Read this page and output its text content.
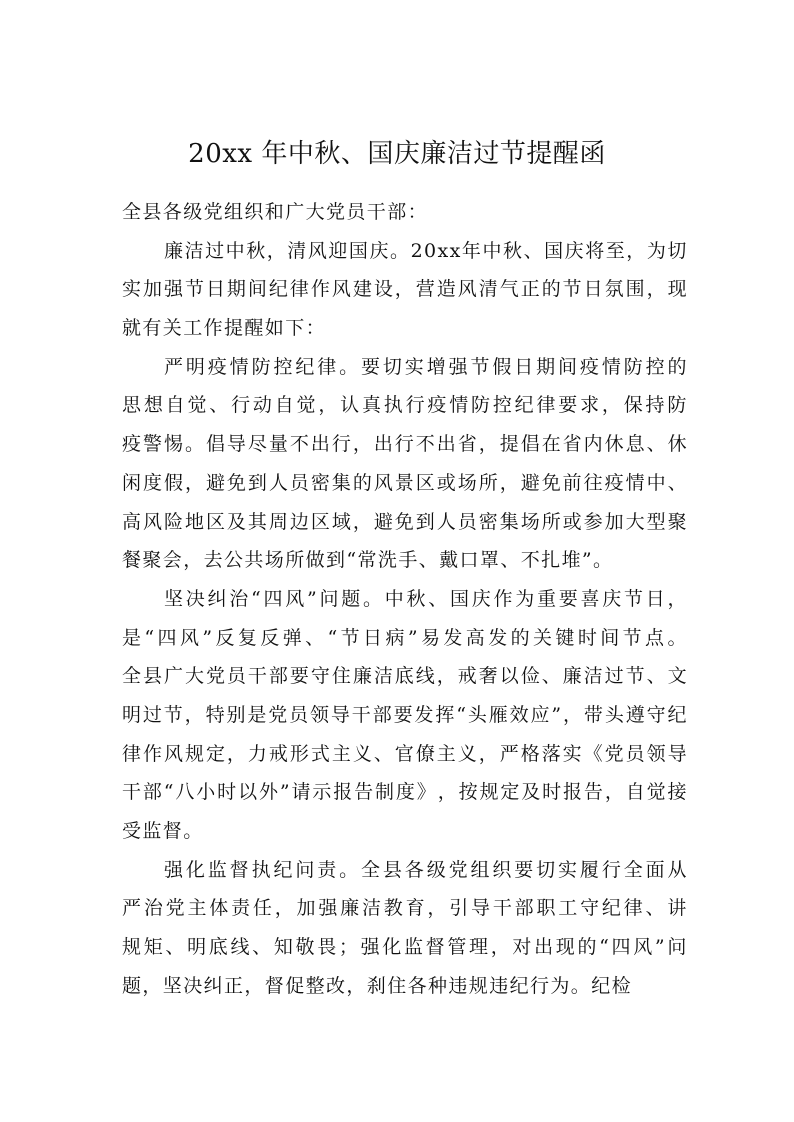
20xx 年中秋、国庆廉洁过节提醒函
全县各级党组织和广大党员干部：
廉 洁 过 中 秋 ， 清 风 迎 国 庆 。 20xx 年 中 秋 、 国 庆 将 至 ， 为 切
实 加 强 节 日 期 间 纪 律 作 风 建 设 ， 营 造 风 清 气 正 的 节 日 氛 围 ， 现
就有关工作提醒如下：
严 明 疫 情 防 控 纪 律 。 要 切 实 增 强 节 假 日 期 间 疫 情 防 控 的
思 想 自 觉 、 行 动 自 觉 ， 认 真 执 行 疫 情 防 控 纪 律 要 求 ， 保 持 防
疫 警 惕 。 倡 导 尽 量 不 出 行 ， 出 行 不 出 省 ， 提 倡 在 省 内 休 息 、 休
闲 度 假 ， 避 免 到 人 员 密 集 的 风 景 区 或 场 所 ， 避 免 前 往 疫 情 中 、
高 风 险 地 区 及 其 周 边 区 域 ， 避 免 到 人 员 密 集 场 所 或 参 加 大 型 聚
餐聚会，去公共场所做到“常洗手、戴口罩、不扎堆”。
坚 决 纠 治 “ 四 风 ” 问 题 。 中 秋 、 国 庆 作 为 重 要 喜 庆 节 日 ，
是 “ 四 风 ” 反 复 反 弹 、 “ 节 日 病 ” 易 发 高 发 的 关 键 时 间 节 点 。
全 县 广 大 党 员 干 部 要 守 住 廉 洁 底 线 ， 戒 奢 以 俭 、 廉 洁 过 节 、 文
明 过 节 ， 特 别 是 党 员 领 导 干 部 要 发 挥 “ 头 雁 效 应 ” ， 带 头 遵 守 纪
律 作 风 规 定 ， 力 戒 形 式 主 义 、 官 僚 主 义 ， 严 格 落 实 《 党 员 领 导
干 部 “ 八 小 时 以 外 ” 请 示 报 告 制 度 》 ， 按 规 定 及 时 报 告 ， 自 觉 接
受监督。
强 化 监 督 执 纪 问 责 。 全 县 各 级 党 组 织 要 切 实 履 行 全 面 从
严 治 党 主 体 责 任 ， 加 强 廉 洁 教 育 ， 引 导 干 部 职 工 守 纪 律 、 讲
规 矩 、 明 底 线 、 知 敬 畏 ； 强 化 监 督 管 理 ， 对 出 现 的 “ 四 风 ” 问
题，坚决纠正，督促整改，刹住各种违规违纪行为。纪检
